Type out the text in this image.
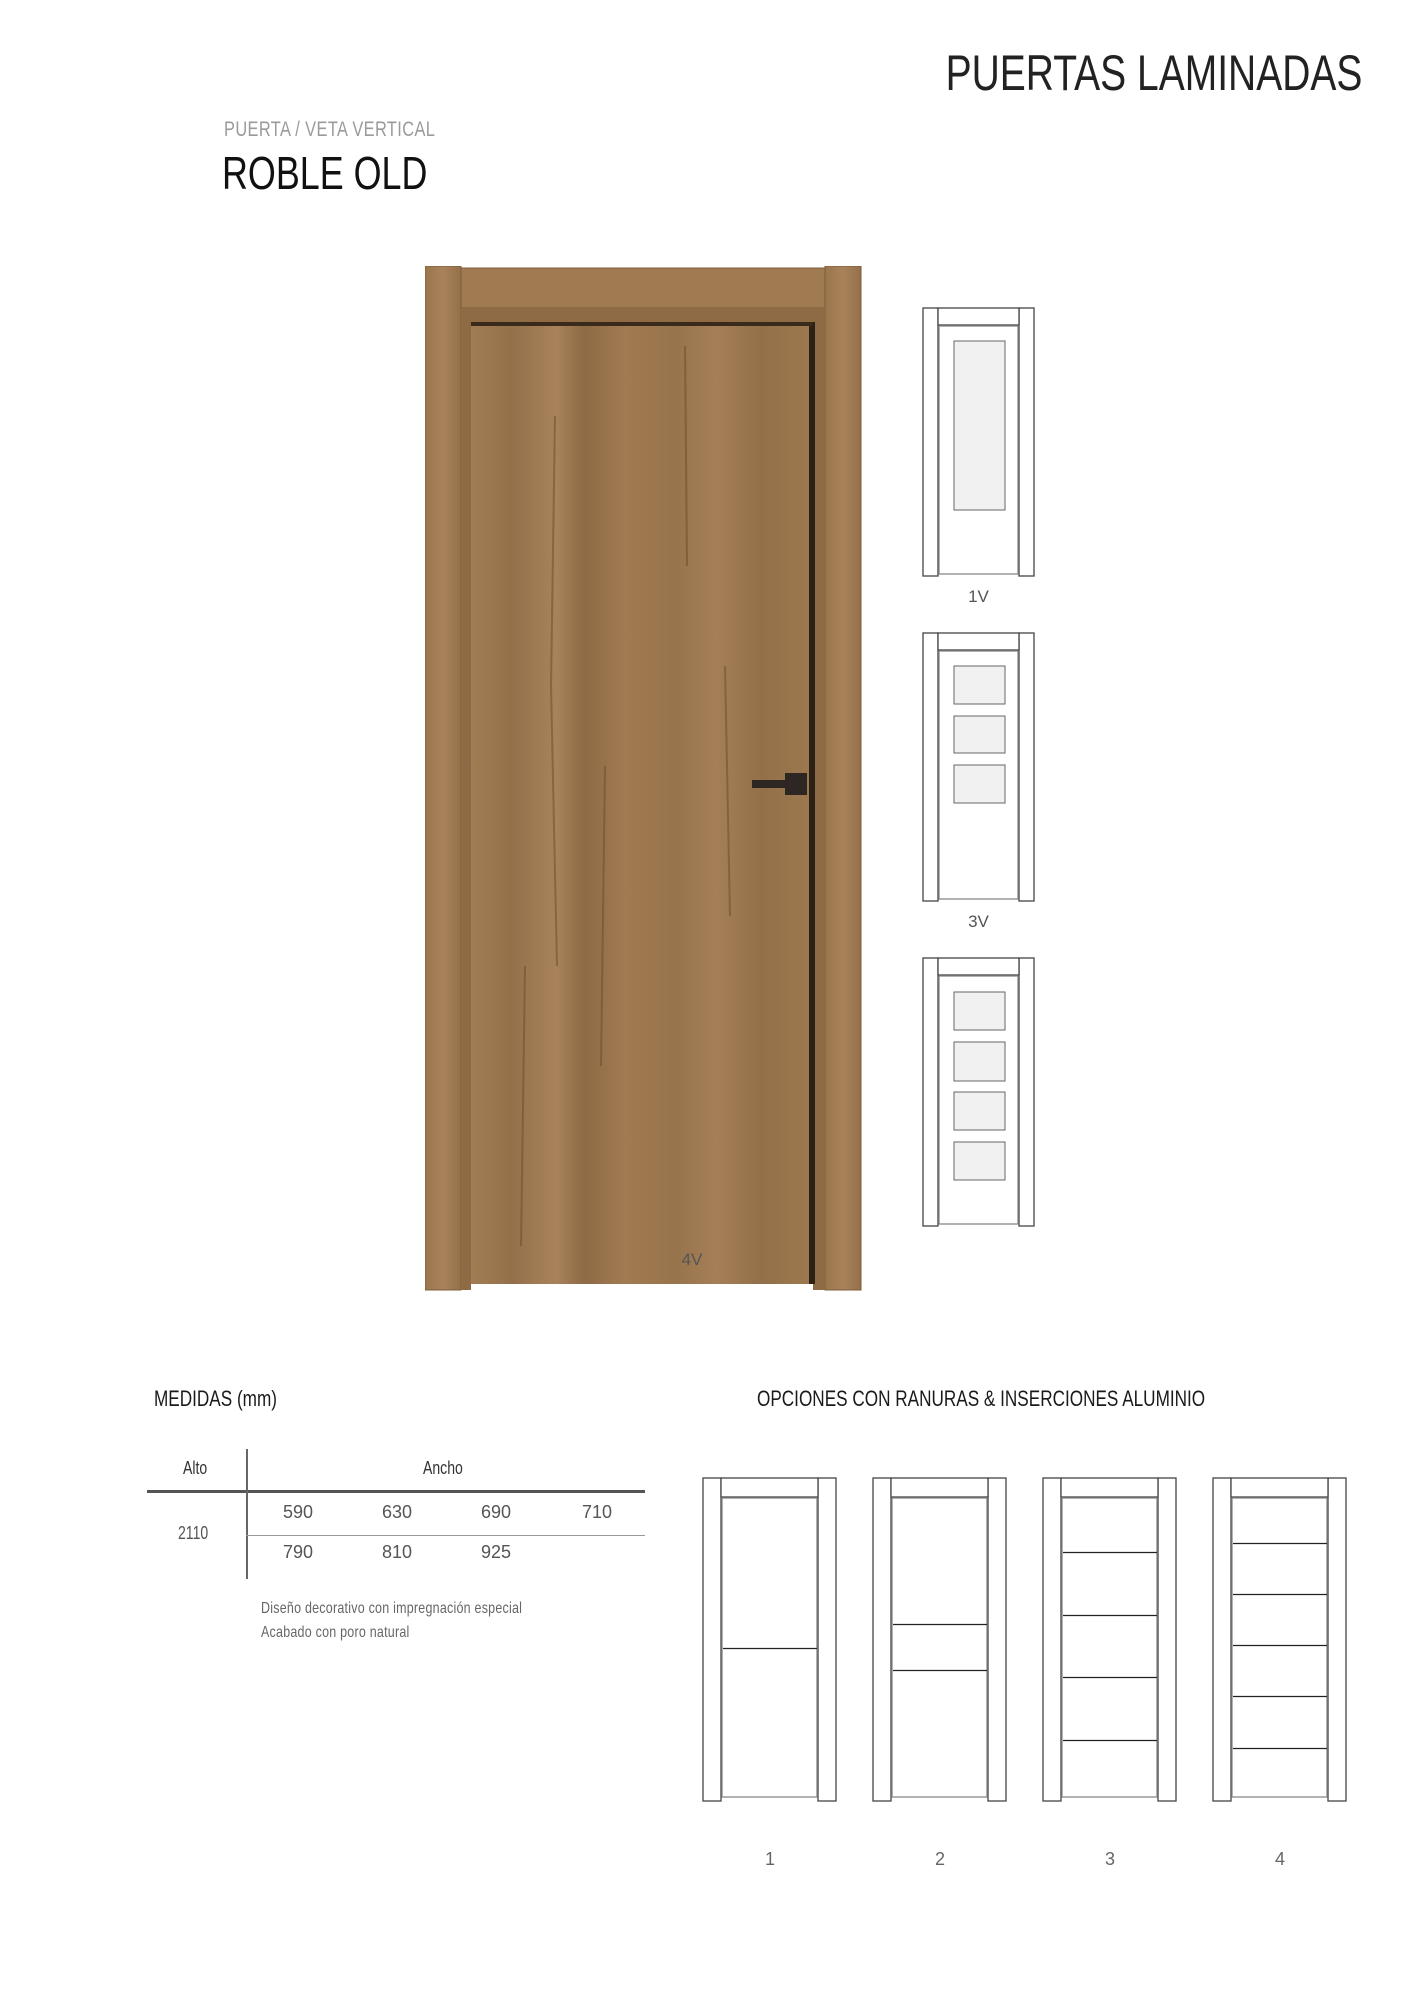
PUERTAS LAMINADAS
PUERTA / VETA VERTICAL
ROBLE OLD
4V
1V
3V
MEDIDAS (mm)
Alto	Ancho
2110
590	630	690	710
790	810	925
Diseño decorativo con impregnación especial
Acabado con poro natural
OPCIONES CON RANURAS & INSERCIONES ALUMINIO
1	2	3	4
